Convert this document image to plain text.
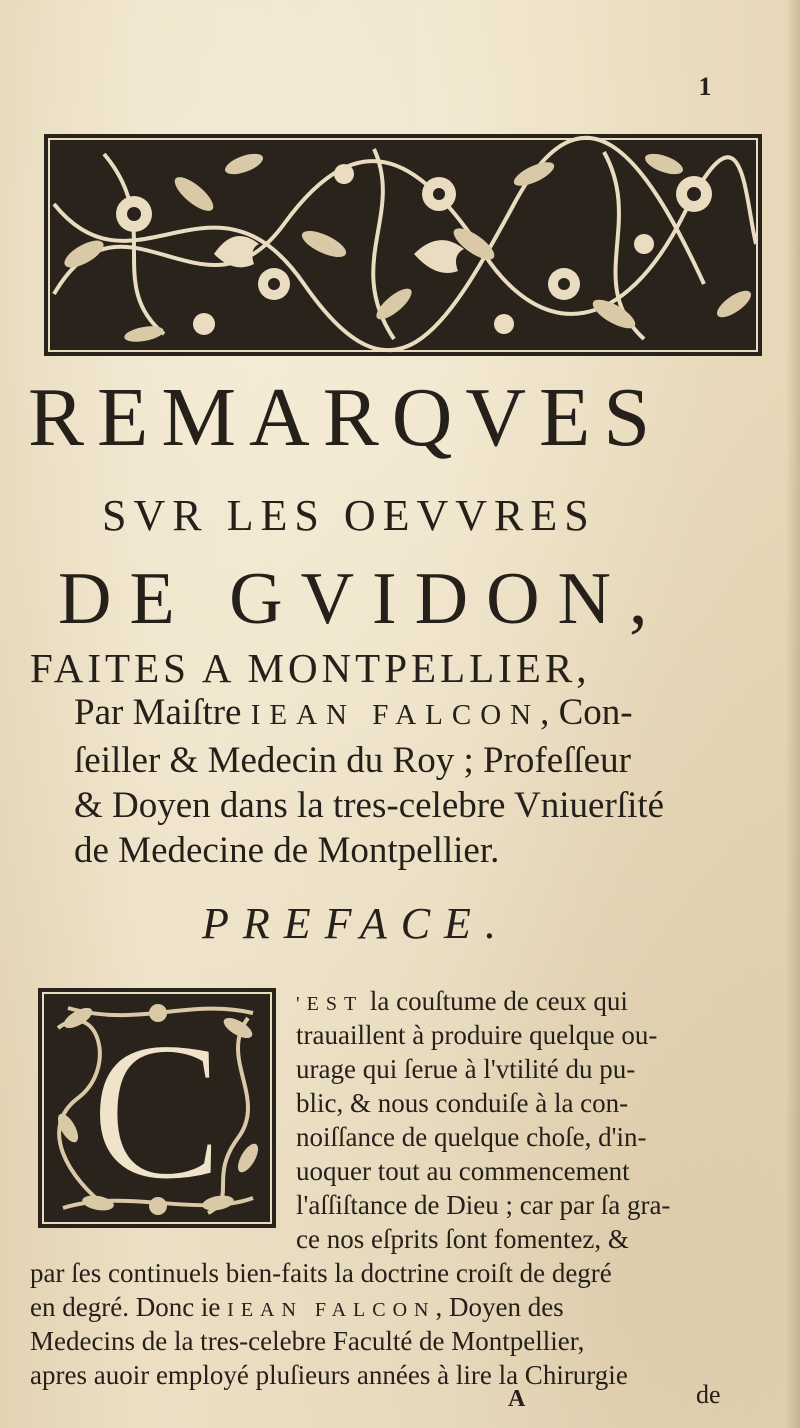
1
REMARQVES
SVR LES OEVVRES
DE GVIDON,
FAITES A MONTPELLIER,
Par Maiſtre IEAN FALCON, Con-
ſeiller & Medecin du Roy ; Profeſſeur
& Doyen dans la tres-celebre Vniuerſité
de Medecine de Montpellier.
PREFACE.
C	'EST la couſtume de ceux qui
trauaillent à produire quelque ou-
urage qui ſerue à l'vtilité du pu-
blic, & nous conduiſe à la con-
noiſſance de quelque choſe, d'in-
uoquer tout au commencement
l'aſſiſtance de Dieu ; car par ſa gra-
ce nos eſprits ſont fomentez, &
par ſes continuels bien-faits la doctrine croiſt de degré
en degré. Donc ie IEAN FALCON, Doyen des
Medecins de la tres-celebre Faculté de Montpellier,
apres auoir employé pluſieurs années à lire la Chirurgie
A	de
